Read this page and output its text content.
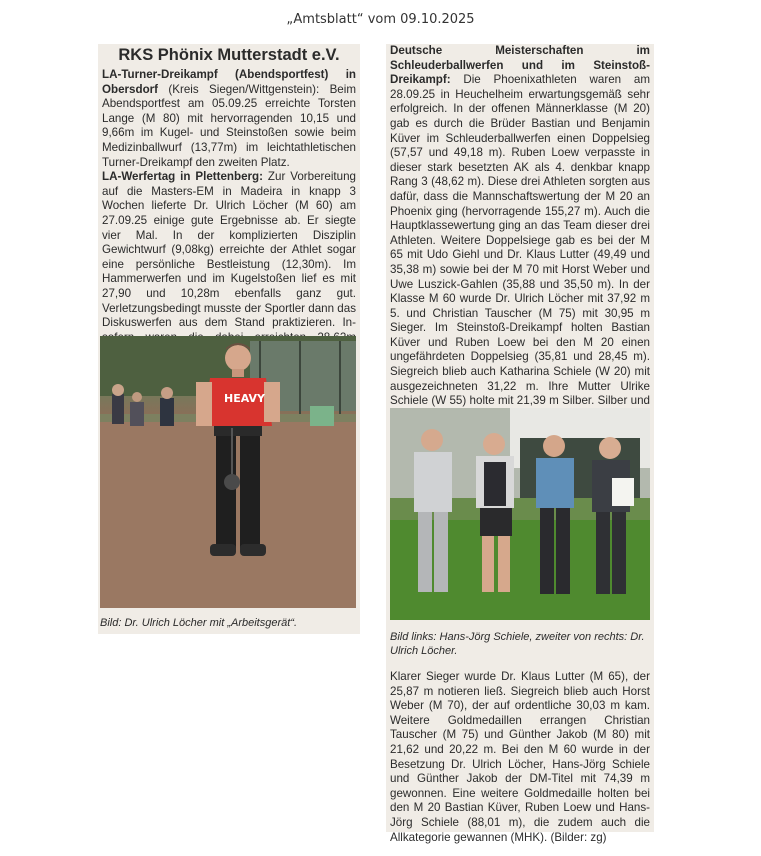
„Amtsblatt“ vom 09.10.2025
RKS Phönix Mutterstadt e.V.

LA-Turner-Dreikampf (Abendsportfest) in Obersdorf (Kreis Siegen/Wittgenstein): Beim Abendsportfest am 05.09.25 erreichte Torsten Lange (M 80) mit hervorragenden 10,15 und 9,66m im Kugel- und Steinstoßen sowie beim Medizinballwurf (13,77m) im leichtathletischen Turner-Dreikampf den zweiten Platz.

LA-Werfertag in Plettenberg: Zur Vorbereitung auf die Masters-EM in Madeira in knapp 3 Wochen lieferte Dr. Ulrich Löcher (M 60) am 27.09.25 einige gute Ergebnisse ab. Er siegte vier Mal. In der komplizierten Disziplin Gewichtwurf (9,08kg) erreichte der Athlet sogar eine persönliche Bestleistung (12,30m). Im Hammerwerfen und im Kugelstoßen lief es mit 27,90 und 10,28m ebenfalls ganz gut. Verletzungsbedingt musste der Sportler dann das Diskuswerfen aus dem Stand praktizieren. In-

HEAVY
Bild: Dr. Ulrich Löcher mit „Arbeitsgerät“.

Deutsche Meisterschaften im Schleuderballwerfen und im Steinstoß-Dreikampf: Die Phoenixathleten waren am 28.09.25 in Heuchelheim erwartungsgemäß sehr erfolgreich. In der offenen Männerklasse (M 20) gab es durch die Brüder Bastian und Benjamin Küver im Schleuderballwerfen einen Doppelsieg (57,57 und 49,18 m). Ruben Loew verpasste in dieser stark besetzten AK als 4. denkbar knapp Rang 3 (48,62 m). Diese drei Athleten sorgten aus dafür, dass die Mannschaftswertung der M 20 an Phoenix ging (hervorragende 155,27 m). Auch die Hauptklassewertung ging an das Team dieser drei Athleten. Weitere Doppelsiege gab es bei der M 65 mit Udo Giehl und Dr. Klaus Lutter (49,49 und 35,38 m) sowie bei der M 70 mit Horst Weber und Uwe Luszick-Gahlen (35,88 und 35,50 m). In der Klasse M 60 wurde Dr. Ulrich Löcher mit 37,92 m 5. und Christian Tauscher (M 75) mit 30,95 m Sieger. Im Steinstoß-Dreikampf holten Bastian Küver und Ruben Loew bei den M 20 einen ungefährdeten Doppelsieg (35,81 und 28,45 m). Siegreich blieb auch Katharina Schiele (W 20) mit ausgezeichneten 31,22 m. Ihre Mutter Ulrike Schiele (W 55) holte mit 21,39 m Silber. Silber und

Bild links: Hans-Jörg Schiele, zweiter von rechts: Dr. Ulrich Löcher.

Klarer Sieger wurde Dr. Klaus Lutter (M 65), der 25,87 m notieren ließ. Siegreich blieb auch Horst Weber (M 70), der auf ordentliche 30,03 m kam. Weitere Goldmedaillen errangen Christian Tauscher (M 75) und Günther Jakob (M 80) mit 21,62 und 20,22 m. Bei den M 60 wurde in der Besetzung Dr. Ulrich Löcher, Hans-Jörg Schiele und Günther Jakob der DM-Titel mit 74,39 m gewonnen. Eine weitere Goldmedaille holten bei den M 20 Bastian Küver, Ruben Loew und Hans-Jörg Schiele (88,01 m), die zudem auch die Allkategorie gewannen (MHK). (Bilder: zg)
